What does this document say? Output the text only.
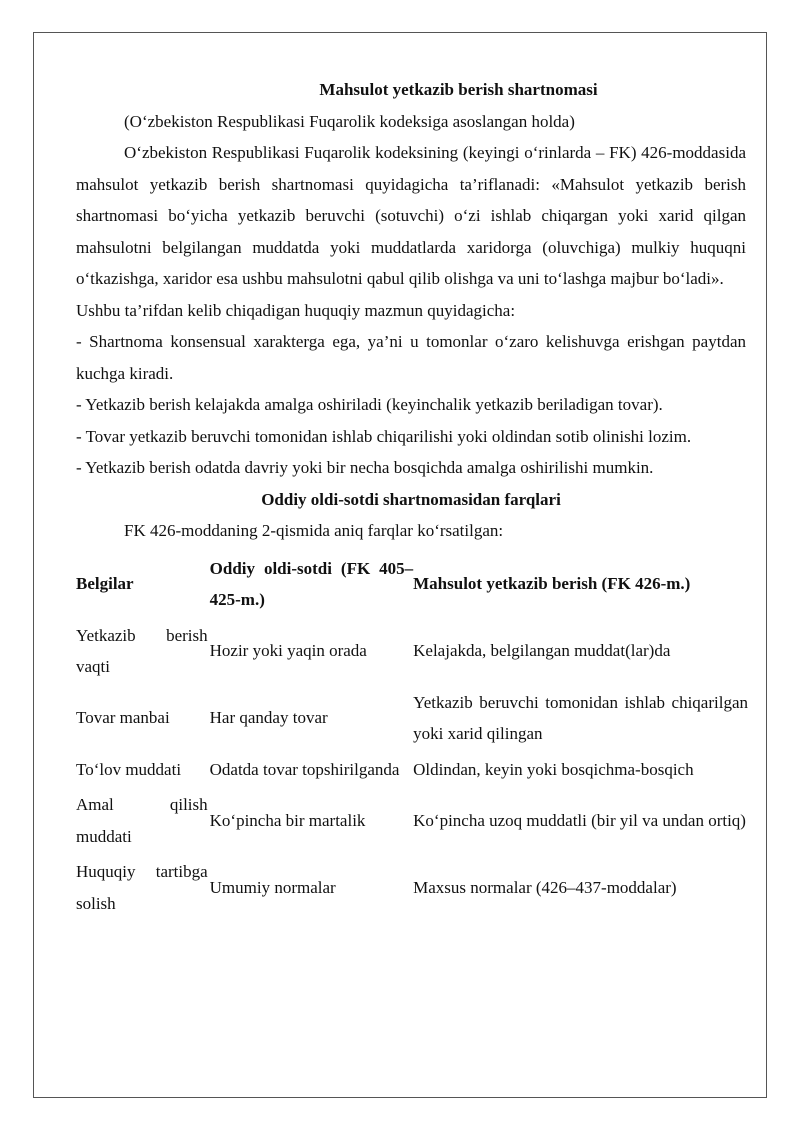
Mahsulot yetkazib berish shartnomasi

(O‘zbekiston Respublikasi Fuqarolik kodeksiga asoslangan holda)

O‘zbekiston Respublikasi Fuqarolik kodeksining (keyingi o‘rinlarda – FK) 426-moddasida mahsulot yetkazib berish shartnomasi quyidagicha ta’riflanadi: «Mahsulot yetkazib berish shartnomasi bo‘yicha yetkazib beruvchi (sotuvchi) o‘zi ishlab chiqargan yoki xarid qilgan mahsulotni belgilangan muddatda yoki muddatlarda xaridorga (oluvchiga) mulkiy huquqni o‘tkazishga, xaridor esa ushbu mahsulotni qabul qilib olishga va uni to‘lashga majbur bo‘ladi».

Ushbu ta’rifdan kelib chiqadigan huquqiy mazmun quyidagicha:

- Shartnoma konsensual xarakterga ega, ya’ni u tomonlar o‘zaro kelishuvga erishgan paytdan kuchga kiradi.

- Yetkazib berish kelajakda amalga oshiriladi (keyinchalik yetkazib beriladigan tovar).

- Tovar yetkazib beruvchi tomonidan ishlab chiqarilishi yoki oldindan sotib olinishi lozim.

- Yetkazib berish odatda davriy yoki bir necha bosqichda amalga oshirilishi mumkin.

Oddiy oldi-sotdi shartnomasidan farqlari

FK 426-moddaning 2-qismida aniq farqlar ko‘rsatilgan:

Belgilar	Oddiy oldi-sotdi (FK 405–425-m.)	Mahsulot yetkazib berish (FK 426-m.)
Yetkazib berish vaqti	Hozir yoki yaqin orada	Kelajakda, belgilangan muddat(lar)da
Tovar manbai	Har qanday tovar	Yetkazib beruvchi tomonidan ishlab chiqarilgan yoki xarid qilingan
To‘lov muddati	Odatda tovar topshirilganda	Oldindan, keyin yoki bosqichma-bosqich
Amal qilish muddati	Ko‘pincha bir martalik	Ko‘pincha uzoq muddatli (bir yil va undan ortiq)
Huquqiy tartibga solish	Umumiy normalar	Maxsus normalar (426–437-moddalar)
